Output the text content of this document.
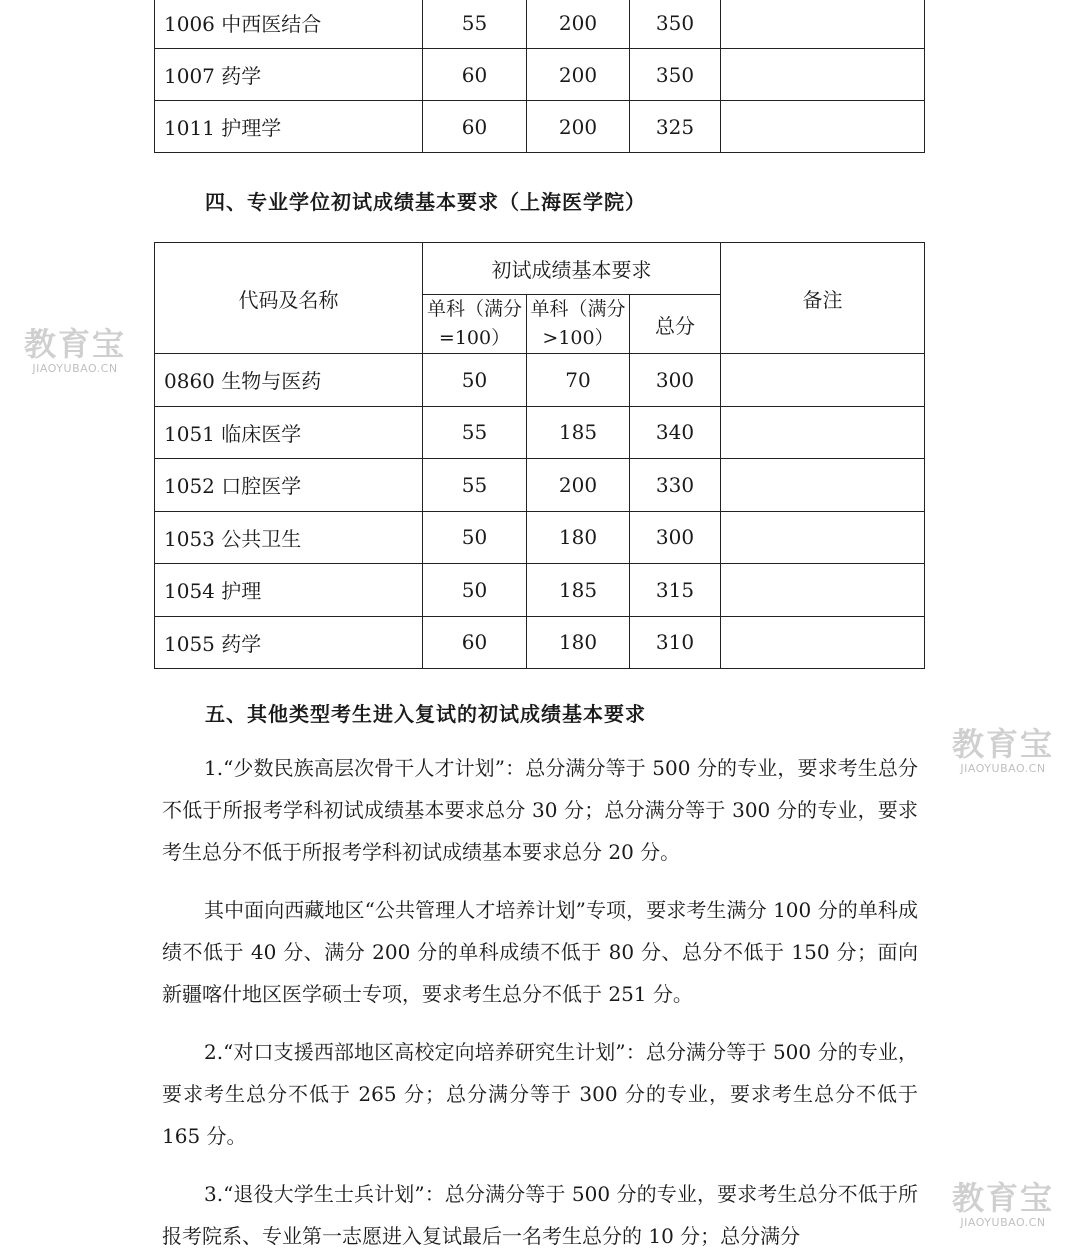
1006 中西医结合	55	200	350	
1007 药学	60	200	350	
1011 护理学	60	200	325	
四、专业学位初试成绩基本要求（上海医学院）
代码及名称	初试成绩基本要求			备注
	单科（满分=100）	单科（满分>100）	总分	
0860 生物与医药	50	70	300	
1051 临床医学	55	185	340	
1052 口腔医学	55	200	330	
1053 公共卫生	50	180	300	
1054 护理	50	185	315	
1055 药学	60	180	310	
五、其他类型考生进入复试的初试成绩基本要求

1.“少数民族高层次骨干人才计划”：总分满分等于 500 分的专业，要求考生总分不低于所报考学科初试成绩基本要求总分 30 分；总分满分等于 300 分的专业，要求考生总分不低于所报考学科初试成绩基本要求总分 20 分。

其中面向西藏地区“公共管理人才培养计划”专项，要求考生满分 100 分的单科成绩不低于 40 分、满分 200 分的单科成绩不低于 80 分、总分不低于 150 分；面向新疆喀什地区医学硕士专项，要求考生总分不低于 251 分。

2.“对口支援西部地区高校定向培养研究生计划”：总分满分等于 500 分的专业，要求考生总分不低于 265 分；总分满分等于 300 分的专业，要求考生总分不低于 165 分。

3.“退役大学生士兵计划”：总分满分等于 500 分的专业，要求考生总分不低于所报考院系、专业第一志愿进入复试最后一名考生总分的 10 分；总分满分

教育宝
JIAOYUBAO.CN
教育宝
JIAOYUBAO.CN
教育宝
JIAOYUBAO.CN
